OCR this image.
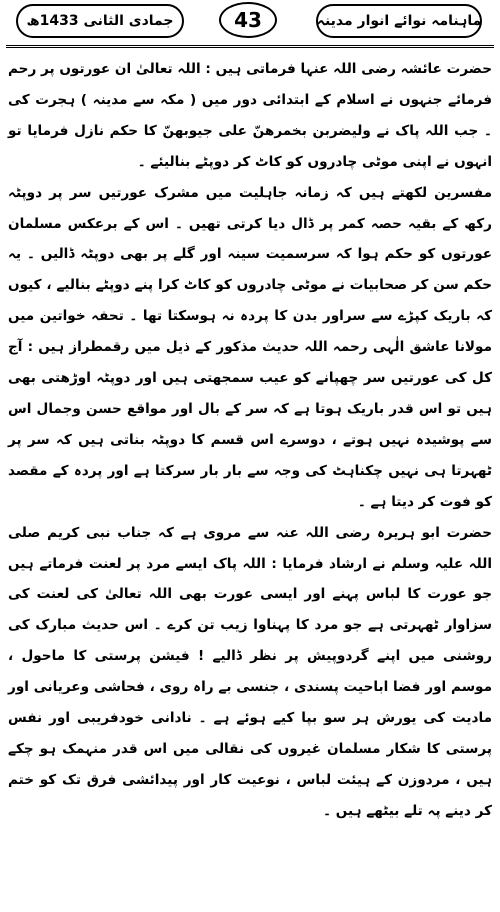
جمادی الثانی 1433ھ	43	ماہنامہ نوائے انوار مدینہ

حضرت عائشہ رضی اللہ عنہا فرماتی ہیں : اللہ تعالیٰ ان عورتوں پر رحم فرمائے جنہوں نے اسلام کے ابتدائی دور میں ( مکہ سے مدینہ ) ہجرت کی ۔ جب اللہ پاک نے ولیضربن بخمرھنّ علی جیوبھنّ کا حکم نازل فرمایا تو انہوں نے اپنی موٹی چادروں کو کاٹ کر دوپٹے بنالیئے ۔

مفسرین لکھتے ہیں کہ زمانہ جاہلیت میں مشرک عورتیں سر پر دوپٹہ رکھ کے بقیہ حصہ کمر پر ڈال دیا کرتی تھیں ۔ اس کے برعکس مسلمان عورتوں کو حکم ہوا کہ سرسمیت سینہ اور گلے پر بھی دوپٹہ ڈالیں ۔ یہ حکم سن کر صحابیات نے موٹی چادروں کو کاٹ کرا پنے دوپٹے بنالیے ، کیوں کہ باریک کپڑے سے سراور بدن کا پردہ نہ ہوسکتا تھا ۔ تحفہ خواتین میں مولانا عاشق الٰہی رحمہ اللہ حدیث مذکور کے ذیل میں رقمطراز ہیں : آج کل کی عورتیں سر چھپانے کو عیب سمجھتی ہیں اور دوپٹہ اوڑھتی بھی ہیں تو اس قدر باریک ہوتا ہے کہ سر کے بال اور مواقع حسن وجمال اس سے پوشیدہ نہیں ہوتے ، دوسرے اس قسم کا دوپٹہ بناتی ہیں کہ سر پر ٹھہرتا ہی نہیں چکناہٹ کی وجہ سے بار بار سرکتا ہے اور پردہ کے مقصد کو فوت کر دیتا ہے ۔

حضرت ابو ہریرہ رضی اللہ عنہ سے مروی ہے کہ جناب نبی کریم صلی اللہ علیہ وسلم نے ارشاد فرمایا : اللہ پاک ایسے مرد پر لعنت فرماتے ہیں جو عورت کا لباس پہنے اور ایسی عورت بھی اللہ تعالیٰ کی لعنت کی سزاوار ٹھہرتی ہے جو مرد کا پہناوا زیب تن کرے ۔ اس حدیث مبارک کی روشنی میں اپنے گردوپیش پر نظر ڈالیے ! فیشن پرستی کا ماحول ، موسم اور فضا اباحیت پسندی ، جنسی بے راہ روی ، فحاشی وعریانی اور مادیت کی یورش ہر سو بپا کیے ہوئے ہے ۔ نادانی خودفریبی اور نفس پرستی کا شکار مسلمان غیروں کی نقالی میں اس قدر منہمک ہو چکے ہیں ، مردوزن کے ہیئت لباس ، نوعیت کار اور پیدائشی فرق تک کو ختم کر دینے پہ تلے بیٹھے ہیں ۔
